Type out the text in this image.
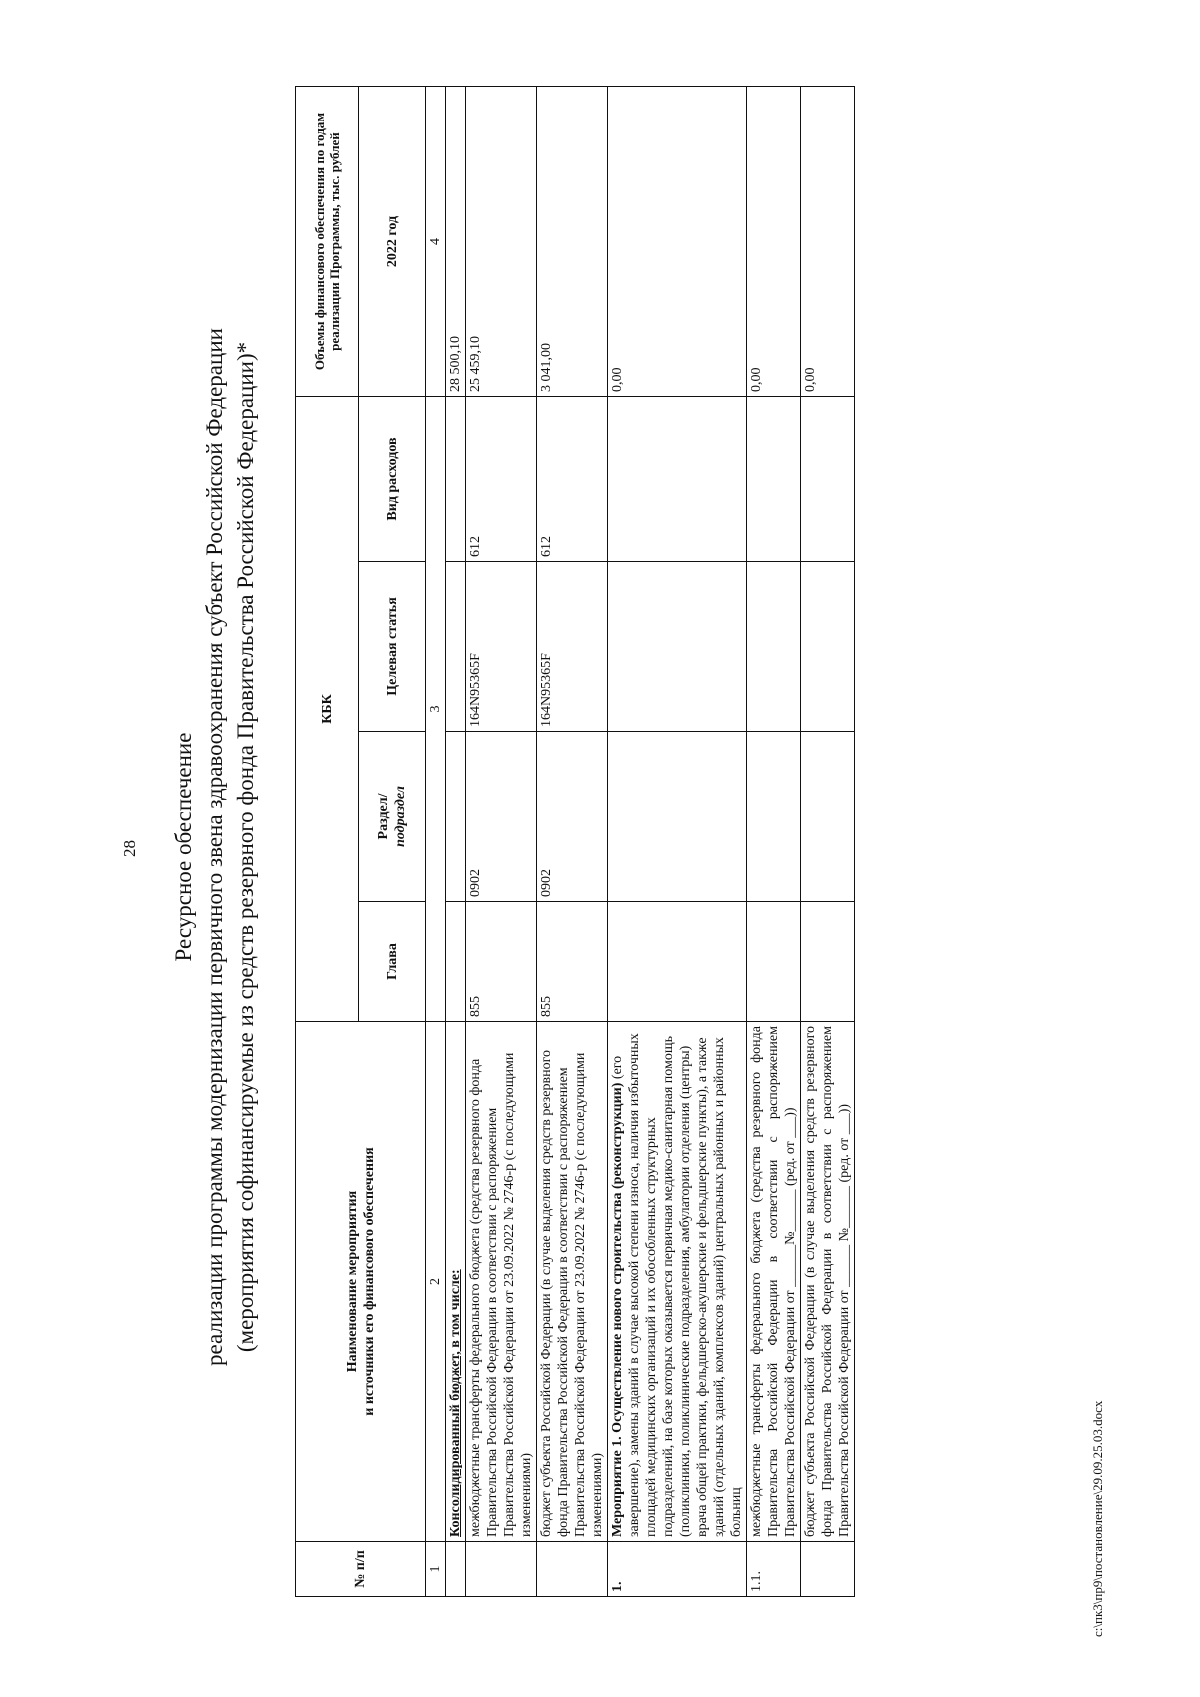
28 Ресурсное обеспечение реализации программы модернизации первичного звена здравоохранения субъект Российской Федерации (мероприятия софинансируемые из средств резервного фонда Правительства Российской Федерации)*
№ п/п	Наименование мероприятия и источники его финансового обеспечения	КБК				Объемы финансового обеспечения по годам реализации Программы, тыс. рублей
		Глава	Раздел/ подраздел	Целевая статья	Вид расходов	2022 год
1	2	3				4
	Консолидированный бюджет, в том числе:					28 500,10
	межбюджетные трансферты федерального бюджета (средства резервного фонда Правительства Российской Федерации в соответствии с распоряжением Правительства Российской Федерации от 23.09.2022 № 2746-р (с последующими изменениями)	855	0902	164N95365F	612	25 459,10
	бюджет субъекта Российской Федерации (в случае выделения средств резервного фонда Правительства Российской Федерации в соответствии с распоряжением Правительства Российской Федерации от 23.09.2022 № 2746-р (с последующими изменениями)	855	0902	164N95365F	612	3 041,00
1.	Мероприятие 1. Осуществление нового строительства (реконструкции) (его завершение), замены зданий в случае высокой степени износа, наличия избыточных площадей медицинских организаций и их обособленных структурных подразделений, на базе которых оказывается первичная медико-санитарная помощь (поликлиники, поликлинические подразделения, амбулатории отделения (центры) врача общей практики, фельдшерско-акушерские и фельдшерские пункты), а также зданий (отдельных зданий, комплексов зданий) центральных районных и районных больниц					0,00
1.1.	межбюджетные трансферты федерального бюджета (средства резервного фонда Правительства Российской Федерации в соответствии с распоряжением Правительства Российской Федерации от ______№______ (ред. от ___))					0,00
	бюджет субъекта Российской Федерации (в случае выделения средств резервного фонда Правительства Российской Федерации в соответствии с распоряжением Правительства Российской Федерации от ______ №______ (ред. от ___))					0,00
c:\пк3\пр9\постановление\29.09.25.03.docx
